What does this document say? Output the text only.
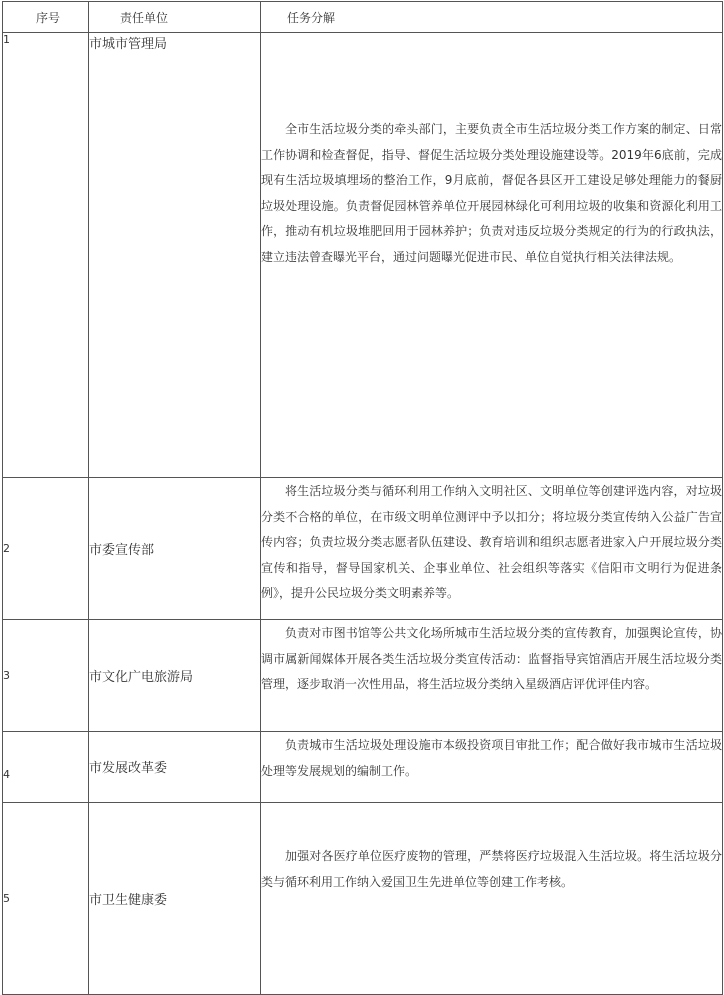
序号	责任单位	任务分解
1	市城市管理局	全市生活垃圾分类的牵头部门，主要负责全市生活垃圾分类工作方案的制定、日常工作协调和检查督促，指导、督促生活垃圾分类处理设施建设等。2019年6底前，完成现有生活垃圾填埋场的整治工作，9月底前，督促各县区开工建设足够处理能力的餐厨垃圾处理设施。负责督促园林管养单位开展园林绿化可利用垃圾的收集和资源化利用工作，推动有机垃圾堆肥回用于园林养护；负责对违反垃圾分类规定的行为的行政执法，建立违法曾查曝光平台，通过问题曝光促进市民、单位自觉执行相关法律法规。

2	市委宣传部	将生活垃圾分类与循环利用工作纳入文明社区、文明单位等创建评选内容，对垃圾分类不合格的单位，在市级文明单位测评中予以扣分；将垃圾分类宣传纳入公益广告宣传内容；负责垃圾分类志愿者队伍建设、教育培训和组织志愿者进家入户开展垃圾分类宣传和指导，督导国家机关、企事业单位、社会组织等落实《信阳市文明行为促进条例》，提升公民垃圾分类文明素养等。

3	市文化广电旅游局	负责对市图书馆等公共文化场所城市生活垃圾分类的宣传教育，加强舆论宣传，协调市属新闻媒体开展各类生活垃圾分类宣传活动：监督指导宾馆酒店开展生活垃圾分类管理，逐步取消一次性用品，将生活垃圾分类纳入星级酒店评优评佳内容。

4	市发展改革委	负责城市生活垃圾处理设施市本级投资项目审批工作；配合做好我市城市生活垃圾处理等发展规划的编制工作。

5	市卫生健康委	加强对各医疗单位医疗废物的管理，严禁将医疗垃圾混入生活垃圾。将生活垃圾分类与循环利用工作纳入爱国卫生先进单位等创建工作考核。
